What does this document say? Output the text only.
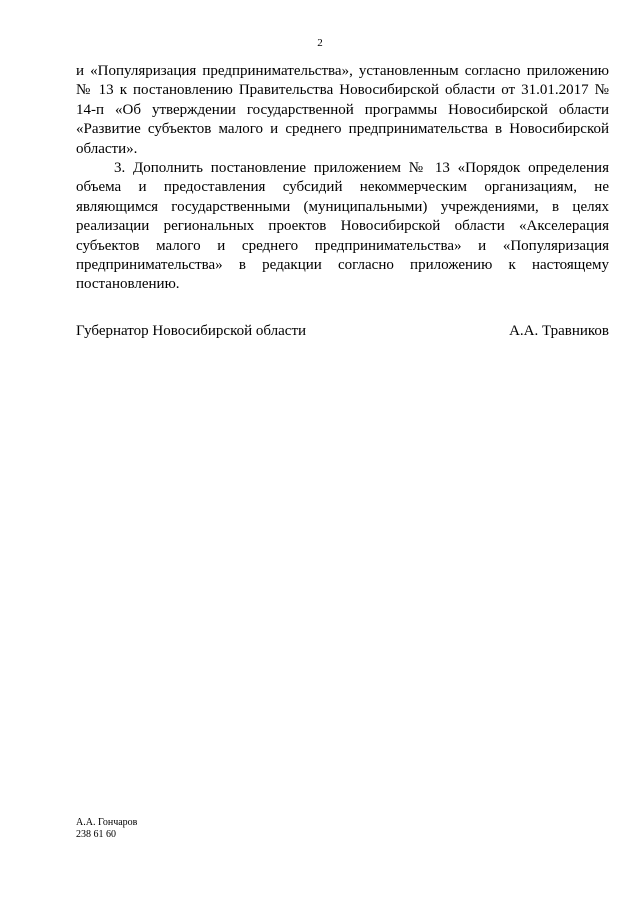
2

и «Популяризация предпринимательства», установленным согласно приложению № 13 к постановлению Правительства Новосибирской области от 31.01.2017 № 14-п «Об утверждении государственной программы Новосибирской области «Развитие субъектов малого и среднего предпринимательства в Новосибирской области».

3. Дополнить постановление приложением № 13 «Порядок определения объема и предоставления субсидий некоммерческим организациям, не являющимся государственными (муниципальными) учреждениями, в целях реализации региональных проектов Новосибирской области «Акселерация субъектов малого и среднего предпринимательства» и «Популяризация предпринимательства» в редакции согласно приложению к настоящему постановлению.

Губернатор Новосибирской области	А.А. Травников
А.А. Гончаров
238 61 60
